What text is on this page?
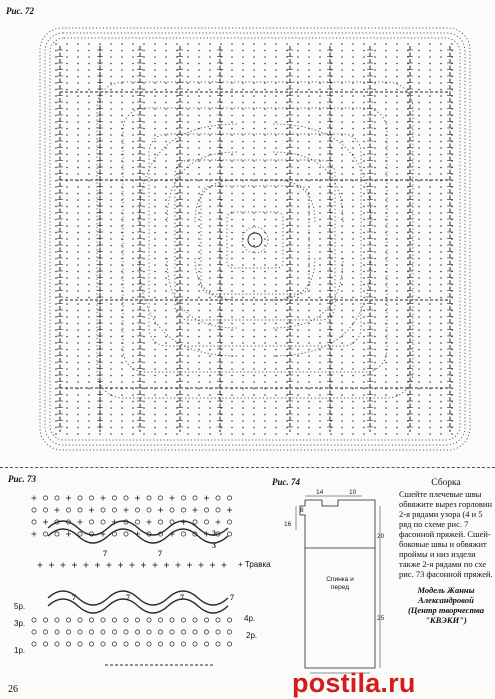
Рис. 72
Рис. 73
3
3
7	7
7	7	7	7
+ Травка
5р.
4р.
3р.
2р.
1р.
Рис. 74
14	10
8
16
20
25
Спинка и перед
Сборка
Сшейте плечевые швы
обвяжите вырез горловин
2-я рядами узора (4 и 5
ряд по схеме рис. 7
фасонной пряжей. Сшей-
боковые швы и обвяжит
проймы и низ издели
также 2-я рядами по схе
рис. 73 фасонной пряжей.
Модель Жанны
Александровой
(Центр творчества
"КВЭКИ")
postila.ru
26
